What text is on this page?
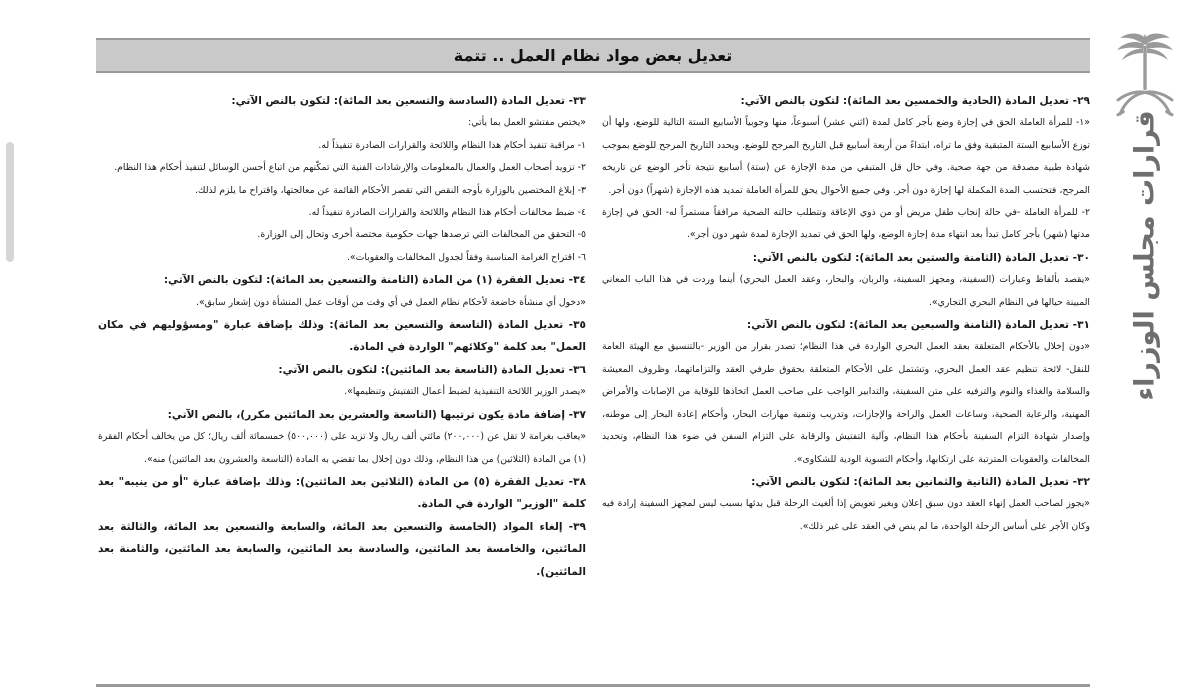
قرارات مجلس الوزراء
تعديل بعض مواد نظام العمل .. تتمة

٢٩- تعديل المادة (الحادية والخمسين بعد المائة): لتكون بالنص الآتي:

«١- للمرأة العاملة الحق في إجازة وضع بأجر كامل لمدة (اثني عشر) أسبوعاً، منها وجوبياً الأسابيع الستة التالية للوضع، ولها أن توزع الأسابيع الستة المتبقية وفق ما تراه، ابتداءً من أربعة أسابيع قبل التاريخ المرجح للوضع. ويحدد التاريخ المرجح للوضع بموجب شهادة طبية مصدقة من جهة صحية. وفي حال قل المتبقي من مدة الإجازة عن (ستة) أسابيع نتيجة تأخر الوضع عن تاريخه المرجح، فتحتسب المدة المكملة لها إجازة دون أجر. وفي جميع الأحوال يحق للمرأة العاملة تمديد هذه الإجازة (شهراً) دون أجر.

٢- للمرأة العاملة -في حالة إنجاب طفل مريض أو من ذوي الإعاقة وتتطلب حالته الصحية مرافقاً مستمراً له- الحق في إجازة مدتها (شهر) بأجر كامل تبدأ بعد انتهاء مدة إجازة الوضع، ولها الحق في تمديد الإجازة لمدة شهر دون أجر».

٣٠- تعديل المادة (الثامنة والستين بعد المائة): لتكون بالنص الآتي:

«يقصد بألفاظ وعبارات (السفينة، ومجهز السفينة، والربان، والبحار، وعقد العمل البحري) أينما وردت في هذا الباب المعاني المبينة حيالها في النظام البحري التجاري».

٣١- تعديل المادة (الثامنة والسبعين بعد المائة): لتكون بالنص الآتي:

«دون إخلال بالأحكام المتعلقة بعقد العمل البحري الواردة في هذا النظام؛ تصدر بقرار من الوزير -بالتنسيق مع الهيئة العامة للنقل- لائحة تنظيم عقد العمل البحري، وتشتمل على الأحكام المتعلقة بحقوق طرفي العقد والتزاماتهما، وظروف المعيشة والسلامة والغذاء والنوم والترفيه على متن السفينة، والتدابير الواجب على صاحب العمل اتخاذها للوقاية من الإصابات والأمراض المهنية، والرعاية الصحية، وساعات العمل والراحة والإجازات، وتدريب وتنمية مهارات البحار، وأحكام إعادة البحار إلى موطنه، وإصدار شهادة التزام السفينة بأحكام هذا النظام، وآلية التفتيش والرقابة على التزام السفن في ضوء هذا النظام، وتحديد المخالفات والعقوبات المترتبة على ارتكابها، وأحكام التسوية الودية للشكاوى».

٣٢- تعديل المادة (الثانية والثمانين بعد المائة): لتكون بالنص الآتي:

«يجوز لصاحب العمل إنهاء العقد دون سبق إعلان وبغير تعويض إذا ألغيت الرحلة قبل بدئها بسبب ليس لمجهز السفينة إرادة فيه وكان الأجر على أساس الرحلة الواحدة، ما لم ينص في العقد على غير ذلك».

٣٣- تعديل المادة (السادسة والتسعين بعد المائة): لتكون بالنص الآتي:

«يختص مفتشو العمل بما يأتي:

١- مراقبة تنفيذ أحكام هذا النظام واللائحة والقرارات الصادرة تنفيذاً له.

٢- تزويد أصحاب العمل والعمال بالمعلومات والإرشادات الفنية التي تمكّنهم من اتباع أحسن الوسائل لتنفيذ أحكام هذا النظام.

٣- إبلاغ المختصين بالوزارة بأوجه النقص التي تقصر الأحكام القائمة عن معالجتها، واقتراح ما يلزم لذلك.

٤- ضبط مخالفات أحكام هذا النظام واللائحة والقرارات الصادرة تنفيذاً له.

٥- التحقق من المخالفات التي ترصدها جهات حكومية مختصة أخرى وتحال إلى الوزارة.

٦- اقتراح الغرامة المناسبة وفقاً لجدول المخالفات والعقوبات».

٣٤- تعديل الفقرة (١) من المادة (الثامنة والتسعين بعد المائة): لتكون بالنص الآتي:

«دخول أي منشأة خاضعة لأحكام نظام العمل في أي وقت من أوقات عمل المنشأة دون إشعار سابق».

٣٥- تعديل المادة (التاسعة والتسعين بعد المائة): وذلك بإضافة عبارة "ومسؤوليهم في مكان العمل" بعد كلمة "وكلائهم" الواردة في المادة.

٣٦- تعديل المادة (التاسعة بعد المائتين): لتكون بالنص الآتي:

«يصدر الوزير اللائحة التنفيذية لضبط أعمال التفتيش وتنظيمها».

٣٧- إضافة مادة يكون ترتيبها (التاسعة والعشرين بعد المائتين مكرر)، بالنص الآتي:

«يعاقب بغرامة لا تقل عن (٢٠٠,٠٠٠) مائتي ألف ريال ولا تزيد على (٥٠٠,٠٠٠) خمسمائة ألف ريال؛ كل من يخالف أحكام الفقرة (١) من المادة (الثلاثين) من هذا النظام، وذلك دون إخلال بما تقضي به المادة (التاسعة والعشرون بعد المائتين) منه».

٣٨- تعديل الفقرة (٥) من المادة (الثلاثين بعد المائتين): وذلك بإضافة عبارة "أو من ينيبه" بعد كلمة "الوزير" الواردة في المادة.

٣٩- إلغاء المواد (الخامسة والتسعين بعد المائة، والسابعة والتسعين بعد المائة، والثالثة بعد المائتين، والخامسة بعد المائتين، والسادسة بعد المائتين، والسابعة بعد المائتين، والثامنة بعد المائتين).
